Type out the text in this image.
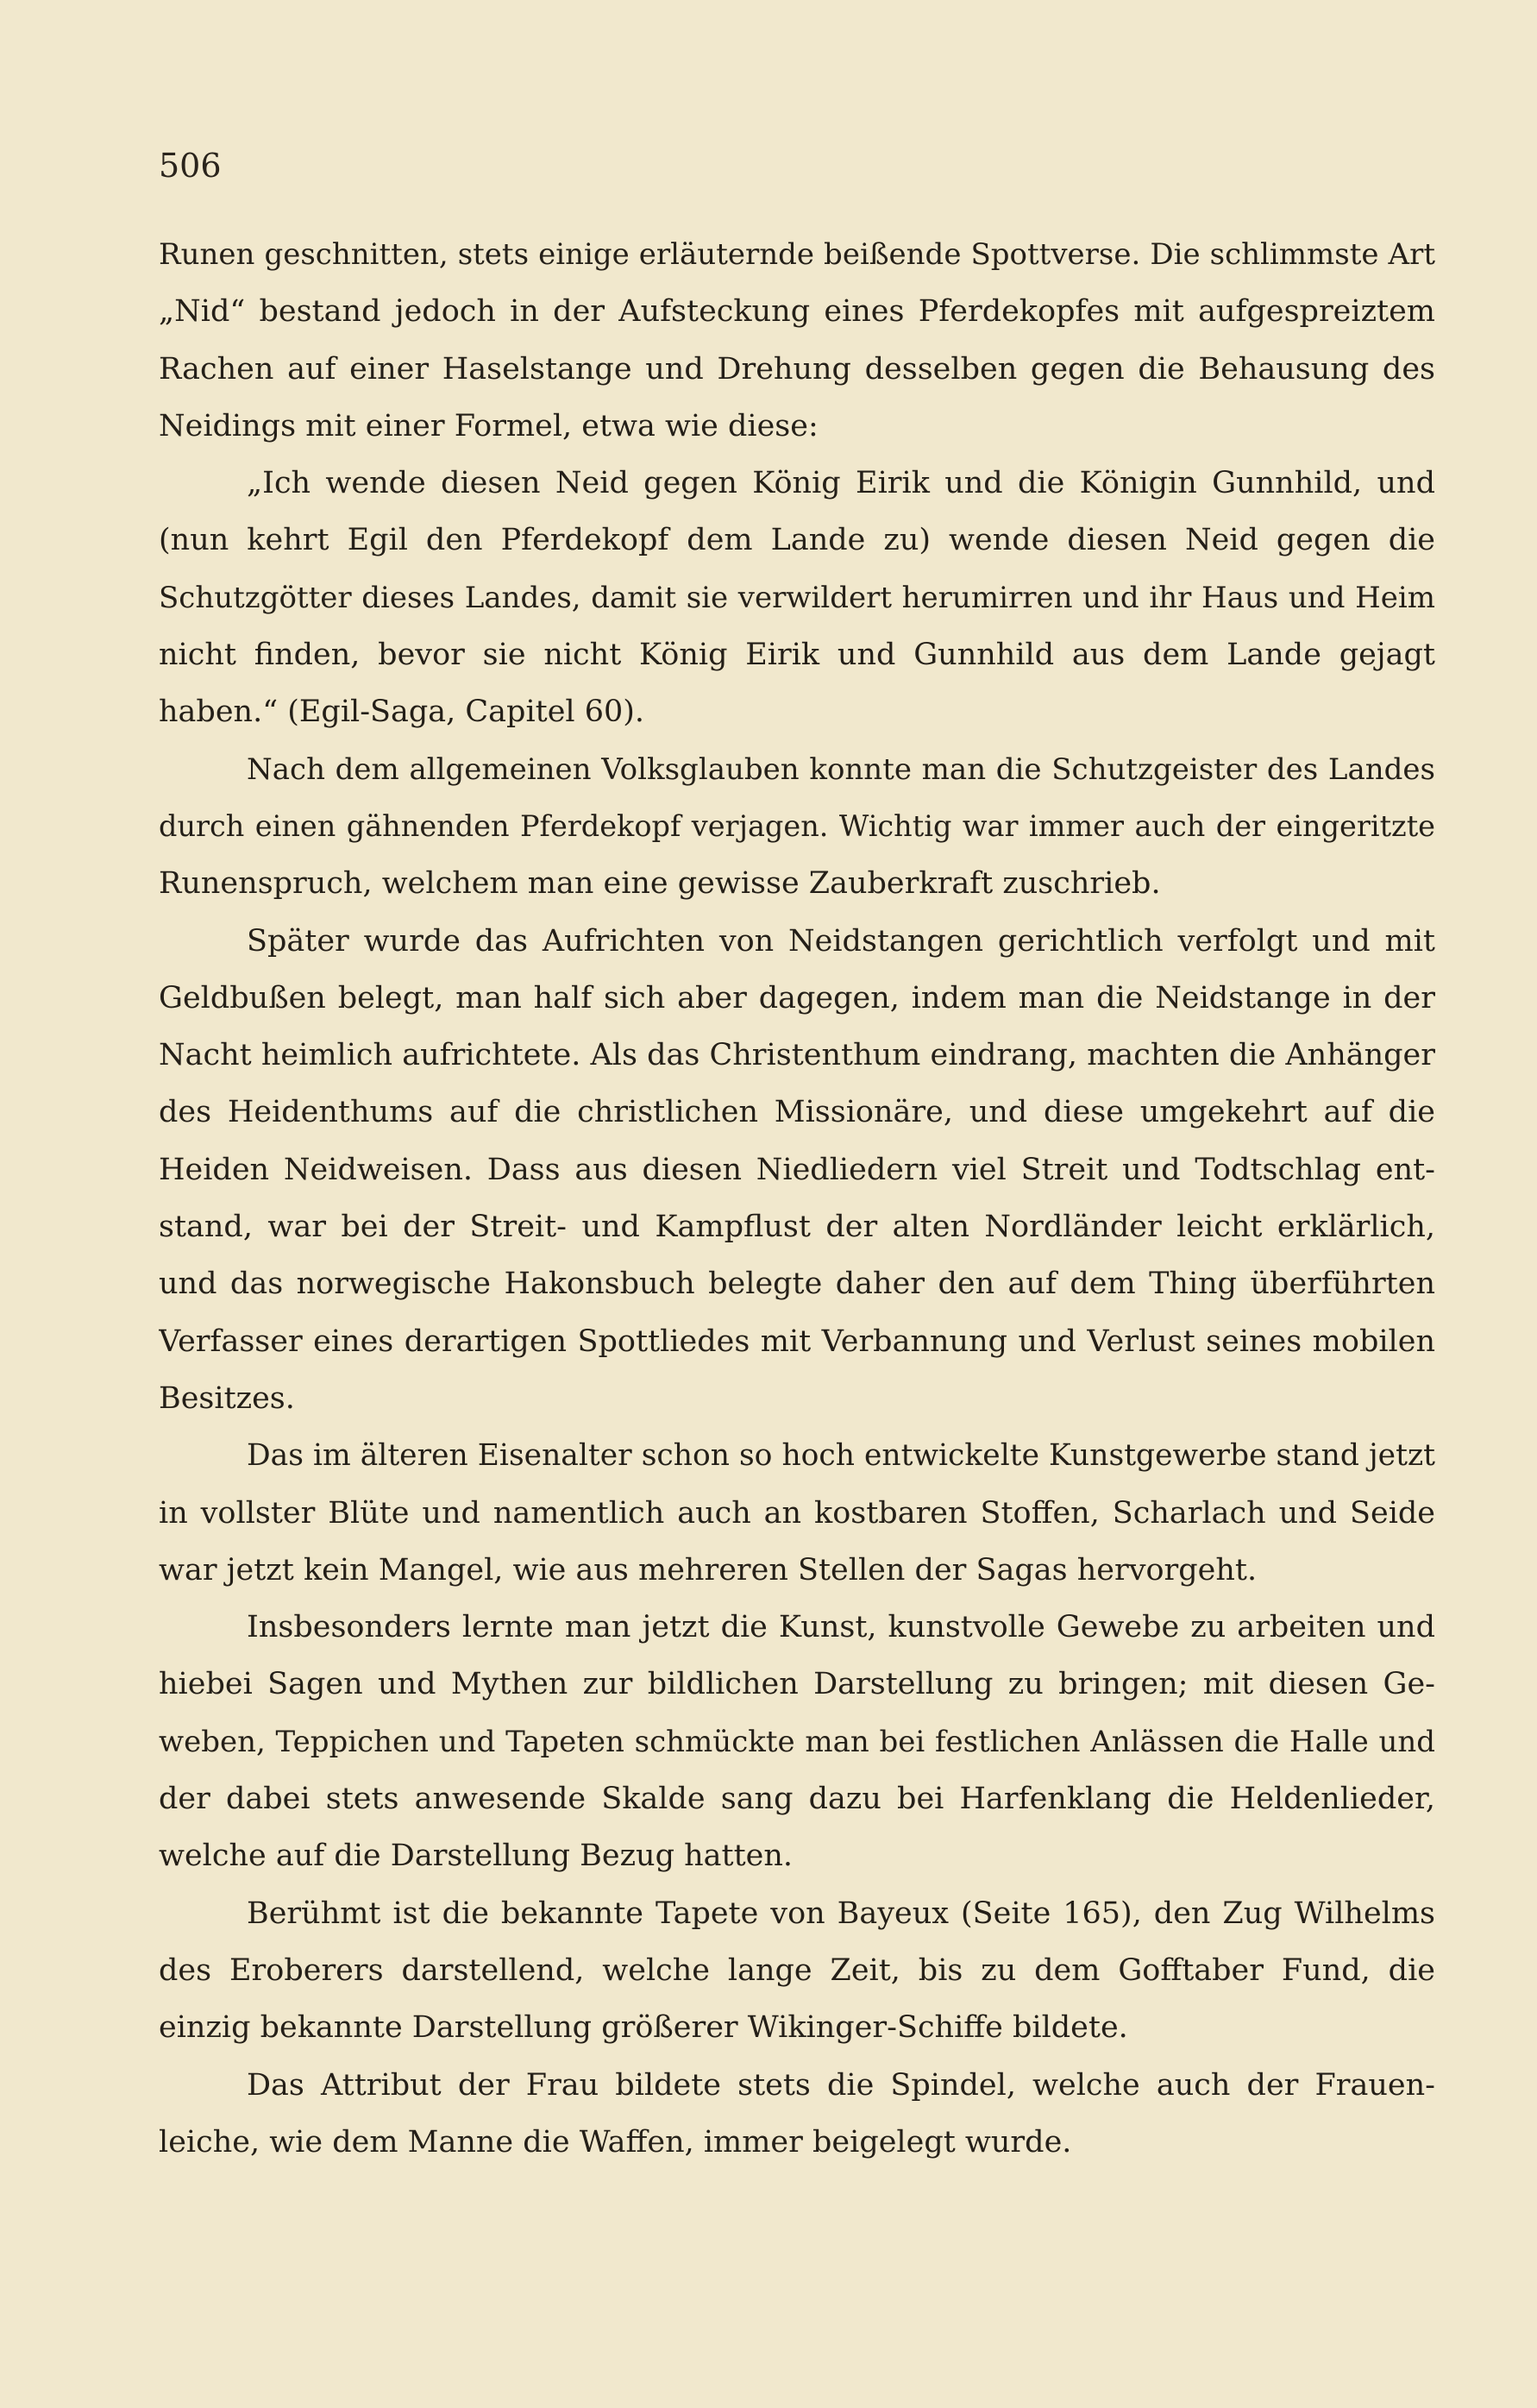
506
Runen geschnitten, stets einige erläuternde beißende Spottverse. Die schlimmste Art
„Nid“ bestand jedoch in der Aufsteckung eines Pferdekopfes mit aufgespreiztem
Rachen auf einer Haselstange und Drehung desselben gegen die Behausung des
Neidings mit einer Formel, etwa wie diese:
„Ich wende diesen Neid gegen König Eirik und die Königin Gunnhild, und
(nun kehrt Egil den Pferdekopf dem Lande zu) wende diesen Neid gegen die
Schutzgötter dieses Landes, damit sie verwildert herumirren und ihr Haus und Heim
nicht finden, bevor sie nicht König Eirik und Gunnhild aus dem Lande gejagt
haben.“ (Egil-Saga, Capitel 60).
Nach dem allgemeinen Volksglauben konnte man die Schutzgeister des Landes
durch einen gähnenden Pferdekopf verjagen. Wichtig war immer auch der eingeritzte
Runenspruch, welchem man eine gewisse Zauberkraft zuschrieb.
Später wurde das Aufrichten von Neidstangen gerichtlich verfolgt und mit
Geldbußen belegt, man half sich aber dagegen, indem man die Neidstange in der
Nacht heimlich aufrichtete. Als das Christenthum eindrang, machten die Anhänger
des Heidenthums auf die christlichen Missionäre, und diese umgekehrt auf die
Heiden Neidweisen. Dass aus diesen Niedliedern viel Streit und Todtschlag ent-
stand, war bei der Streit- und Kampflust der alten Nordländer leicht erklärlich,
und das norwegische Hakonsbuch belegte daher den auf dem Thing überführten
Verfasser eines derartigen Spottliedes mit Verbannung und Verlust seines mobilen
Besitzes.
Das im älteren Eisenalter schon so hoch entwickelte Kunstgewerbe stand jetzt
in vollster Blüte und namentlich auch an kostbaren Stoffen, Scharlach und Seide
war jetzt kein Mangel, wie aus mehreren Stellen der Sagas hervorgeht.
Insbesonders lernte man jetzt die Kunst, kunstvolle Gewebe zu arbeiten und
hiebei Sagen und Mythen zur bildlichen Darstellung zu bringen; mit diesen Ge-
weben, Teppichen und Tapeten schmückte man bei festlichen Anlässen die Halle und
der dabei stets anwesende Skalde sang dazu bei Harfenklang die Heldenlieder,
welche auf die Darstellung Bezug hatten.
Berühmt ist die bekannte Tapete von Bayeux (Seite 165), den Zug Wilhelms
des Eroberers darstellend, welche lange Zeit, bis zu dem Gofftaber Fund, die
einzig bekannte Darstellung größerer Wikinger-Schiffe bildete.
Das Attribut der Frau bildete stets die Spindel, welche auch der Frauen-
leiche, wie dem Manne die Waffen, immer beigelegt wurde.
